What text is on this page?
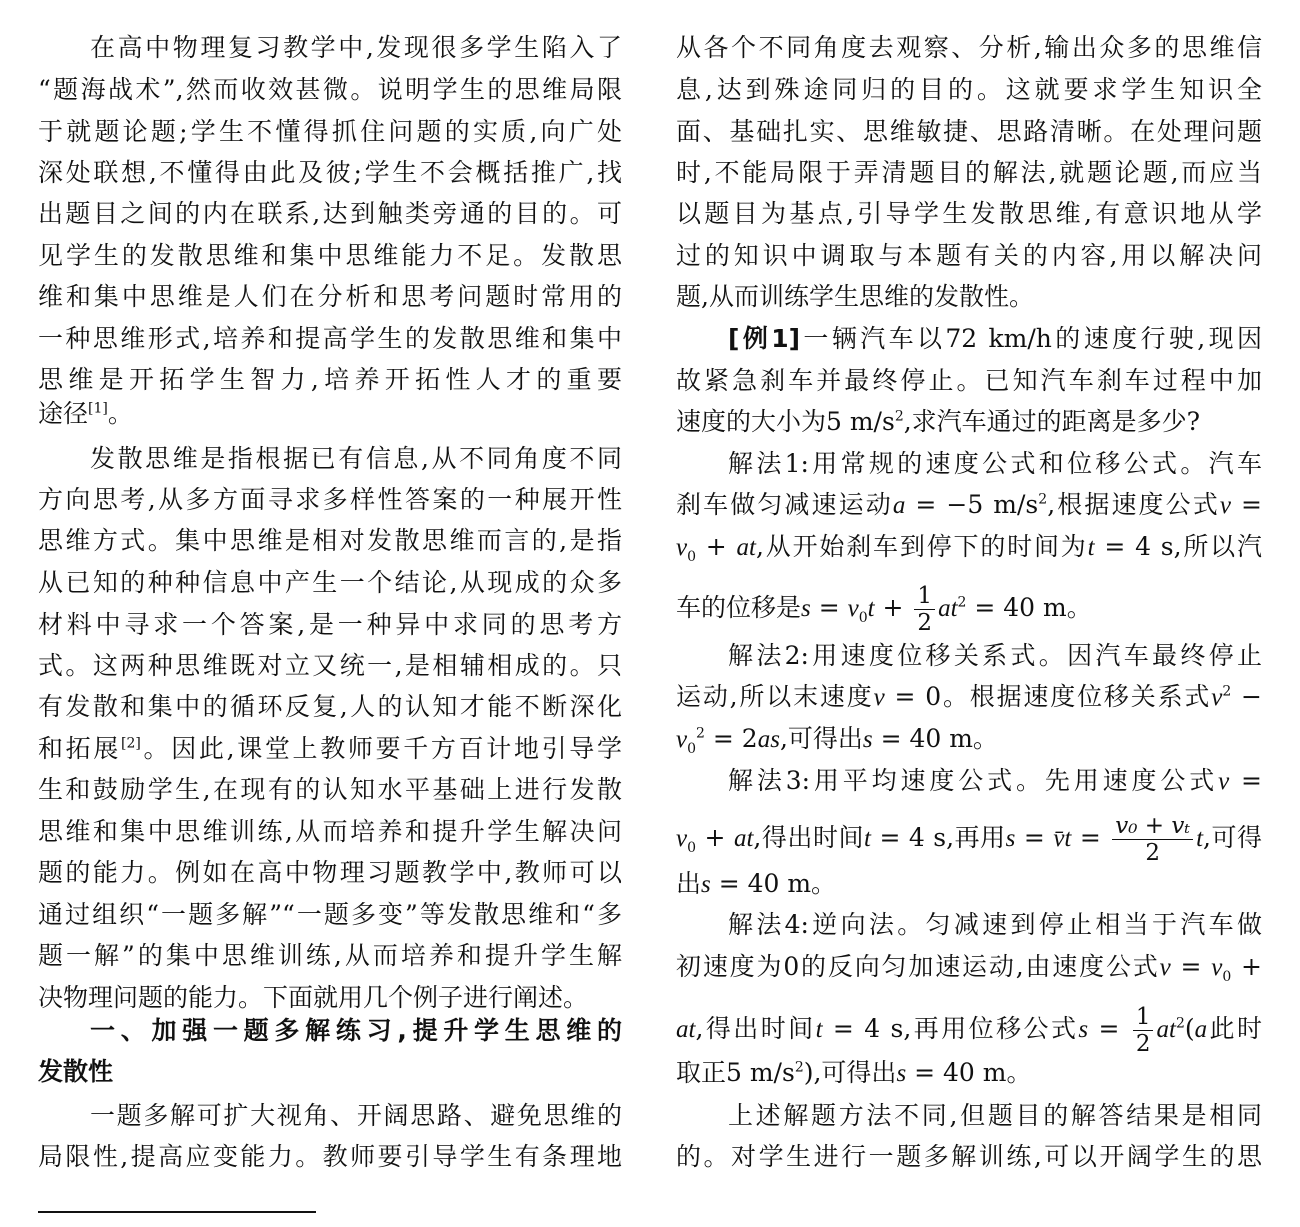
在高中物理复习教学中,发现很多学生陷入了
“题海战术”,然而收效甚微。说明学生的思维局限
于就题论题;学生不懂得抓住问题的实质,向广处
深处联想,不懂得由此及彼;学生不会概括推广,找
出题目之间的内在联系,达到触类旁通的目的。可
见学生的发散思维和集中思维能力不足。发散思
维和集中思维是人们在分析和思考问题时常用的
一种思维形式,培养和提高学生的发散思维和集中
思维是开拓学生智力,培养开拓性人才的重要
途径[1]。
发散思维是指根据已有信息,从不同角度不同
方向思考,从多方面寻求多样性答案的一种展开性
思维方式。集中思维是相对发散思维而言的,是指
从已知的种种信息中产生一个结论,从现成的众多
材料中寻求一个答案,是一种异中求同的思考方
式。这两种思维既对立又统一,是相辅相成的。只
有发散和集中的循环反复,人的认知才能不断深化
和拓展[2]。因此,课堂上教师要千方百计地引导学
生和鼓励学生,在现有的认知水平基础上进行发散
思维和集中思维训练,从而培养和提升学生解决问
题的能力。例如在高中物理习题教学中,教师可以
通过组织“一题多解”“一题多变”等发散思维和“多
题一解”的集中思维训练,从而培养和提升学生解
决物理问题的能力。下面就用几个例子进行阐述。
一、加强一题多解练习,提升学生思维的
发散性
一题多解可扩大视角、开阔思路、避免思维的
局限性,提高应变能力。教师要引导学生有条理地
从各个不同角度去观察、分析,输出众多的思维信
息,达到殊途同归的目的。这就要求学生知识全
面、基础扎实、思维敏捷、思路清晰。在处理问题
时,不能局限于弄清题目的解法,就题论题,而应当
以题目为基点,引导学生发散思维,有意识地从学
过的知识中调取与本题有关的内容,用以解决问
题,从而训练学生思维的发散性。
[例1]一辆汽车以72 km/h的速度行驶,现因
故紧急刹车并最终停止。已知汽车刹车过程中加
速度的大小为5 $m/s^2$,求汽车通过的距离是多少?
解法1:用常规的速度公式和位移公式。汽车
刹车做匀减速运动a = −5 $m/s^2$,根据速度公式v =
$v_0$ + at,从开始刹车到停下的时间为t = 4 s,所以汽
车的位移是$s = v_0t + \frac{1}{2} at^2 = 40$ m。
解法2:用速度位移关系式。因汽车最终停止
运动,所以末速度v = 0。根据速度位移关系式$v^2$ −
$v_0^2 = 2as$,可得出s = 40 m。
解法3:用平均速度公式。先用速度公式v =
$v_0$ + at,得出时间t = 4 s,再用s = v̄t = $\frac{\text{v₀ + vₜ}}{2} t$,可得
出s = 40 m。
解法4:逆向法。匀减速到停止相当于汽车做
初速度为0的反向匀加速运动,由速度公式$v = v_0$ +
at,得出时间t = 4 s,再用位移公式$s = \frac{1}{2} at^2(a$此时
取正5 $m/s^2$),可得出s = 40 m。
上述解题方法不同,但题目的解答结果是相同
的。对学生进行一题多解训练,可以开阔学生的思
